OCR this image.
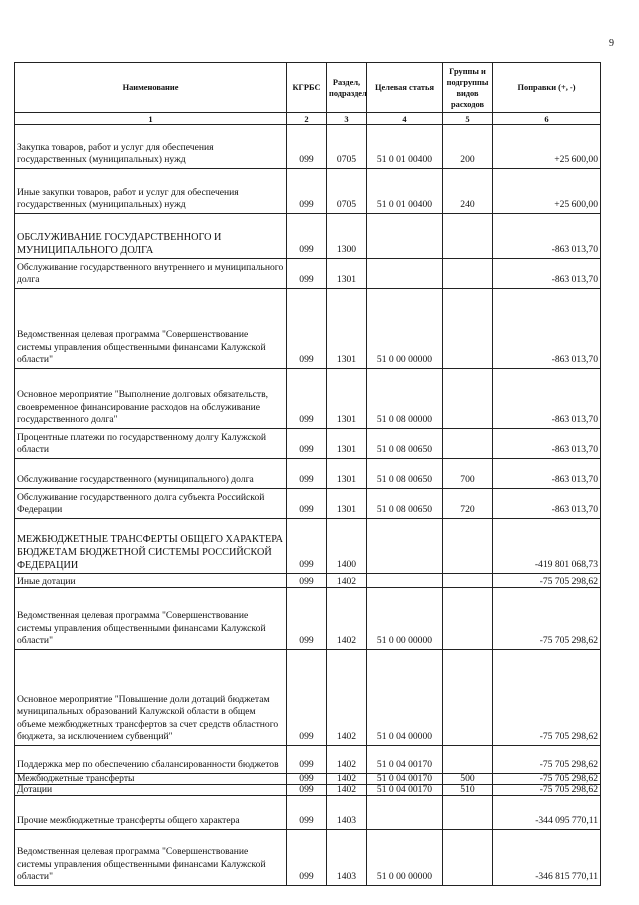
9
Наименование	КГРБС	Раздел, подраздел	Целевая статья	Группы и подгруппы видов расходов	Поправки (+, -)
1	2	3	4	5	6
Закупка товаров, работ и услуг для обеспечения государственных (муниципальных) нужд	099	0705	51 0 01 00400	200	+25 600,00
Иные закупки товаров, работ и услуг для обеспечения государственных (муниципальных) нужд	099	0705	51 0 01 00400	240	+25 600,00
ОБСЛУЖИВАНИЕ ГОСУДАРСТВЕННОГО И МУНИЦИПАЛЬНОГО ДОЛГА	099	1300			-863 013,70
Обслуживание государственного внутреннего и муниципального долга	099	1301			-863 013,70
Ведомственная целевая программа "Совершенствование системы управления общественными финансами Калужской области"	099	1301	51 0 00 00000		-863 013,70
Основное мероприятие "Выполнение долговых обязательств, своевременное финансирование расходов на обслуживание государственного долга"	099	1301	51 0 08 00000		-863 013,70
Процентные платежи по государственному долгу Калужской области	099	1301	51 0 08 00650		-863 013,70
Обслуживание государственного (муниципального) долга	099	1301	51 0 08 00650	700	-863 013,70
Обслуживание государственного долга субъекта Российской Федерации	099	1301	51 0 08 00650	720	-863 013,70
МЕЖБЮДЖЕТНЫЕ ТРАНСФЕРТЫ ОБЩЕГО ХАРАКТЕРА БЮДЖЕТАМ БЮДЖЕТНОЙ СИСТЕМЫ РОССИЙСКОЙ ФЕДЕРАЦИИ	099	1400			-419 801 068,73
Иные дотации	099	1402			-75 705 298,62
Ведомственная целевая программа "Совершенствование системы управления общественными финансами Калужской области"	099	1402	51 0 00 00000		-75 705 298,62
Основное мероприятие "Повышение доли дотаций бюджетам муниципальных образований Калужской области в общем объеме межбюджетных трансфертов за счет средств областного бюджета, за исключением субвенций"	099	1402	51 0 04 00000		-75 705 298,62
Поддержка мер по обеспечению сбалансированности бюджетов	099	1402	51 0 04 00170		-75 705 298,62
Межбюджетные трансферты	099	1402	51 0 04 00170	500	-75 705 298,62
Дотации	099	1402	51 0 04 00170	510	-75 705 298,62
Прочие межбюджетные трансферты общего характера	099	1403			-344 095 770,11
Ведомственная целевая программа "Совершенствование системы управления общественными финансами Калужской области"	099	1403	51 0 00 00000		-346 815 770,11
